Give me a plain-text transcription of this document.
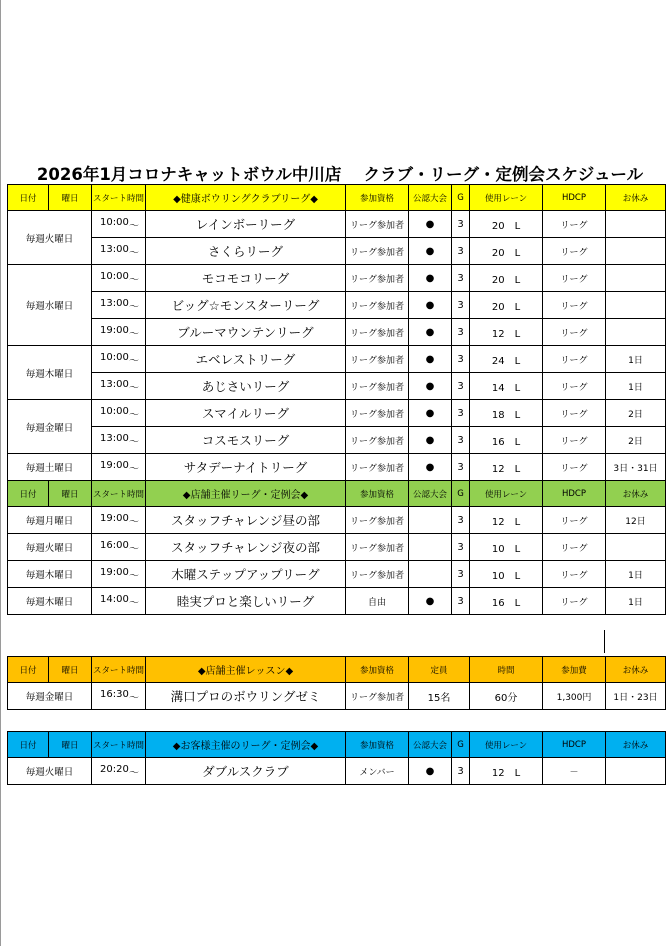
2026年1月コロナキャットボウル中川店　 クラブ・リーグ・定例会スケジュール
日付	曜日	スタート時間	◆健康ボウリングクラブリーグ◆	参加資格	公認大会	G	使用レーン	HDCP	お休み
毎週火曜日		10:00 ～	レインボーリーグ	リーグ参加者	●	3	20　L	リーグ	

		13:00 ～	さくらリーグ	リーグ参加者	●	3	20　L	リーグ	
毎週水曜日		10:00 ～	モコモコリーグ	リーグ参加者	●	3	20　L	リーグ	

		13:00 ～	ビッグ☆モンスターリーグ	リーグ参加者	●	3	20　L	リーグ	

		19:00 ～	ブルーマウンテンリーグ	リーグ参加者	●	3	12　L	リーグ	
毎週木曜日		10:00 ～	エベレストリーグ	リーグ参加者	●	3	24　L	リーグ	1日

		13:00 ～	あじさいリーグ	リーグ参加者	●	3	14　L	リーグ	1日
毎週金曜日		10:00 ～	スマイルリーグ	リーグ参加者	●	3	18　L	リーグ	2日

		13:00 ～	コスモスリーグ	リーグ参加者	●	3	16　L	リーグ	2日
毎週土曜日		19:00 ～	サタデーナイトリーグ	リーグ参加者	●	3	12　L	リーグ	3日・31日
日付	曜日	スタート時間	◆店舗主催リーグ・定例会◆	参加資格	公認大会	G	使用レーン	HDCP	お休み
毎週月曜日		19:00 ～	スタッフチャレンジ昼の部	リーグ参加者		3	12　L	リーグ	12日
毎週火曜日		16:00 ～	スタッフチャレンジ夜の部	リーグ参加者		3	10　L	リーグ	
毎週木曜日		19:00 ～	木曜ステップアップリーグ	リーグ参加者		3	10　L	リーグ	1日
毎週木曜日		14:00 ～	睦実プロと楽しいリーグ	自由	●	3	16　L	リーグ	1日
日付	曜日	スタート時間	◆店舗主催レッスン◆	参加資格	定員	時間	参加費	お休み
毎週金曜日		16:30 ～	溝口プロのボウリングゼミ	リーグ参加者	15名	60分	1,300円	1日・23日
日付	曜日	スタート時間	◆お客様主催のリーグ・定例会◆	参加資格	公認大会	G	使用レーン	HDCP	お休み
毎週火曜日		20:20 ～	ダブルスクラブ	メンバー	●	3	12　L	－	
